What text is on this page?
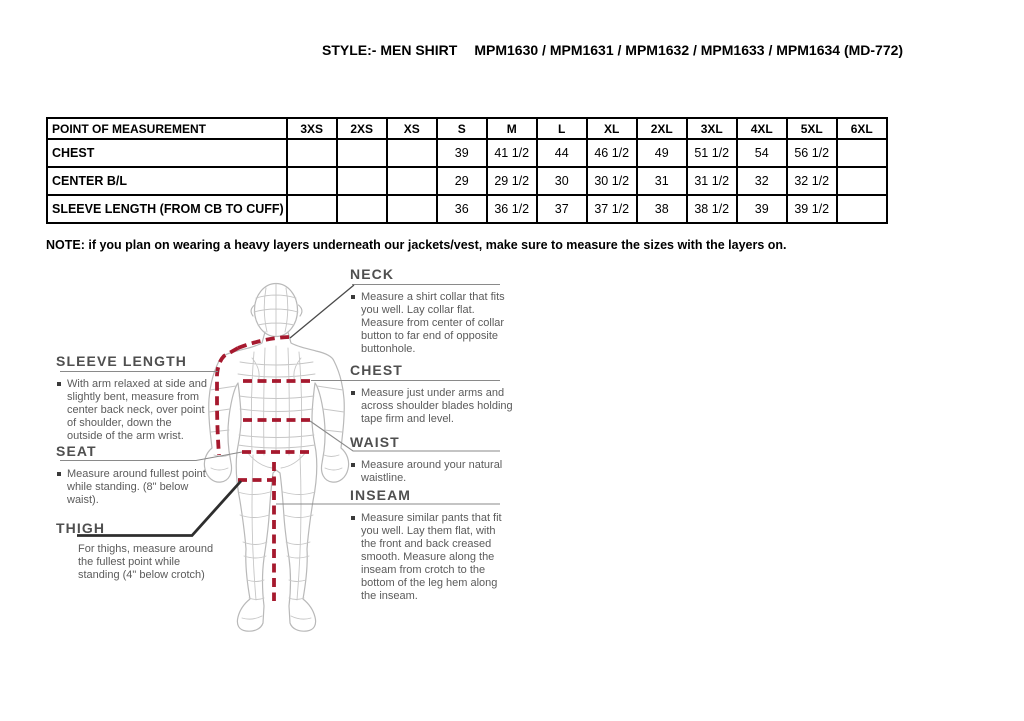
STYLE:- MEN SHIRT MPM1630 / MPM1631 / MPM1632 / MPM1633 / MPM1634 (MD-772)
POINT OF MEASUREMENT	3XS	2XS	XS	S	M	L	XL	2XL	3XL	4XL	5XL	6XL
CHEST				39	41 1/2	44	46 1/2	49	51 1/2	54	56 1/2	
CENTER B/L				29	29 1/2	30	30 1/2	31	31 1/2	32	32 1/2	
SLEEVE LENGTH (FROM CB TO CUFF)				36	36 1/2	37	37 1/2	38	38 1/2	39	39 1/2	
NOTE: if you plan on wearing a heavy layers underneath our jackets/vest, make sure to measure the sizes with the layers on.
NECK
Measure a shirt collar that fits you well. Lay collar flat. Measure from center of collar button to far end of opposite buttonhole.
CHEST
Measure just under arms and across shoulder blades holding tape firm and level.
WAIST
Measure around your natural waistline.
INSEAM
Measure similar pants that fit you well. Lay them flat, with the front and back creased smooth. Measure along the inseam from crotch to the bottom of the leg hem along the inseam.
SLEEVE LENGTH
With arm relaxed at side and slightly bent, measure from center back neck, over point of shoulder, down the outside of the arm wrist.
SEAT
Measure around fullest point while standing. (8" below waist).
THIGH
For thighs, measure around the fullest point while standing (4" below crotch)
